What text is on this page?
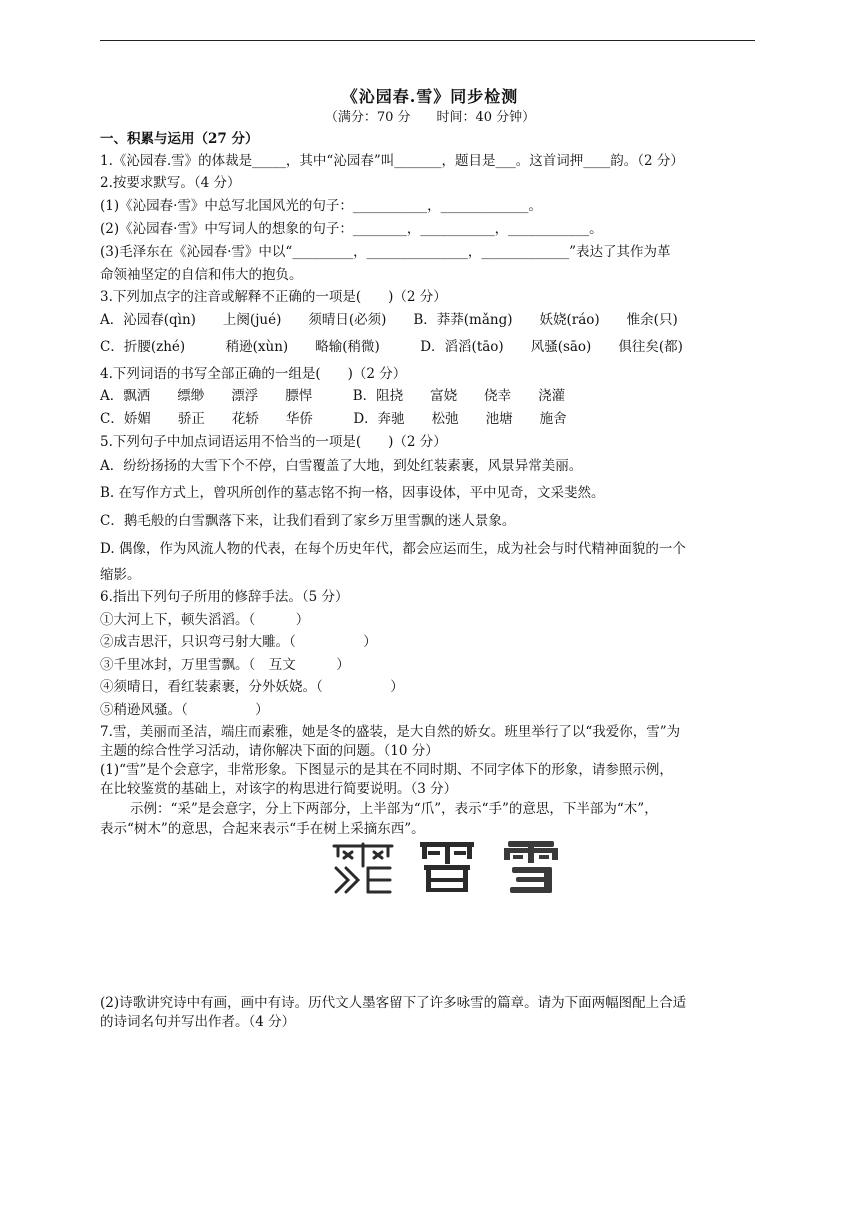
《沁园春.雪》同步检测
（满分：70 分　　时间：40 分钟）
一、积累与运用（27 分）
1.《沁园春.雪》的体裁是_____，其中“沁园春”叫_______，题目是___。这首词押____韵。（2 分）
2.按要求默写。（4 分）
(1)《沁园春·雪》中总写北国风光的句子：___________，_____________。
(2)《沁园春·雪》中写词人的想象的句子：________，___________，____________。
(3)毛泽东在《沁园春·雪》中以“_________，_______________，_____________”表达了其作为革
命领袖坚定的自信和伟大的抱负。
3.下列加点字的注音或解释不正确的一项是(　　)（2 分）
A．沁园春(qìn)　　上阕(jué)　　须晴日(必须)　　B．莽莽(mǎng)　　妖娆(ráo)　　惟余(只)
C．折腰(zhé)　　　稍逊(xùn)　　略输(稍微)　　　D．滔滔(tāo)　　风骚(sāo)　　俱往矣(都)
4.下列词语的书写全部正确的一组是(　　)（2 分）
A．飘洒　　缥缈　　漂浮　　膘悍　　　B．阻挠　　富娆　　侥幸　　浇灌
C．娇媚　　骄正　　花轿　　华侨　　　D．奔驰　　松弛　　池塘　　施舍
5.下列句子中加点词语运用不恰当的一项是(　　)（2 分）
A．纷纷扬扬的大雪下个不停，白雪覆盖了大地，到处红装素裹，风景异常美丽。
B. 在写作方式上，曾巩所创作的墓志铭不拘一格，因事设体，平中见奇，文采斐然。
C．鹅毛般的白雪飘落下来，让我们看到了家乡万里雪飘的迷人景象。
D. 偶像，作为风流人物的代表，在每个历史年代，都会应运而生，成为社会与时代精神面貌的一个
缩影。
6.指出下列句子所用的修辞手法。（5 分）
①大河上下，顿失滔滔。（　　　）
②成吉思汗，只识弯弓射大雕。（　　　　　）
③千里冰封，万里雪飘。（　互文　　　）
④须晴日，看红装素裹，分外妖娆。（　　　　　）
⑤稍逊风骚。（　　　　　）
7.雪，美丽而圣洁，端庄而素雅，她是冬的盛装，是大自然的娇女。班里举行了以“我爱你，雪”为
主题的综合性学习活动，请你解决下面的问题。（10 分）
(1)“雪”是个会意字，非常形象。下图显示的是其在不同时期、不同字体下的形象，请参照示例，
在比较鉴赏的基础上，对该字的构思进行简要说明。（3 分）
示例：“采”是会意字，分上下两部分，上半部为“爪”，表示“手”的意思，下半部为“木”，
表示“树木”的意思，合起来表示“手在树上采摘东西”。
(2)诗歌讲究诗中有画，画中有诗。历代文人墨客留下了许多咏雪的篇章。请为下面两幅图配上合适
的诗词名句并写出作者。（4 分）
